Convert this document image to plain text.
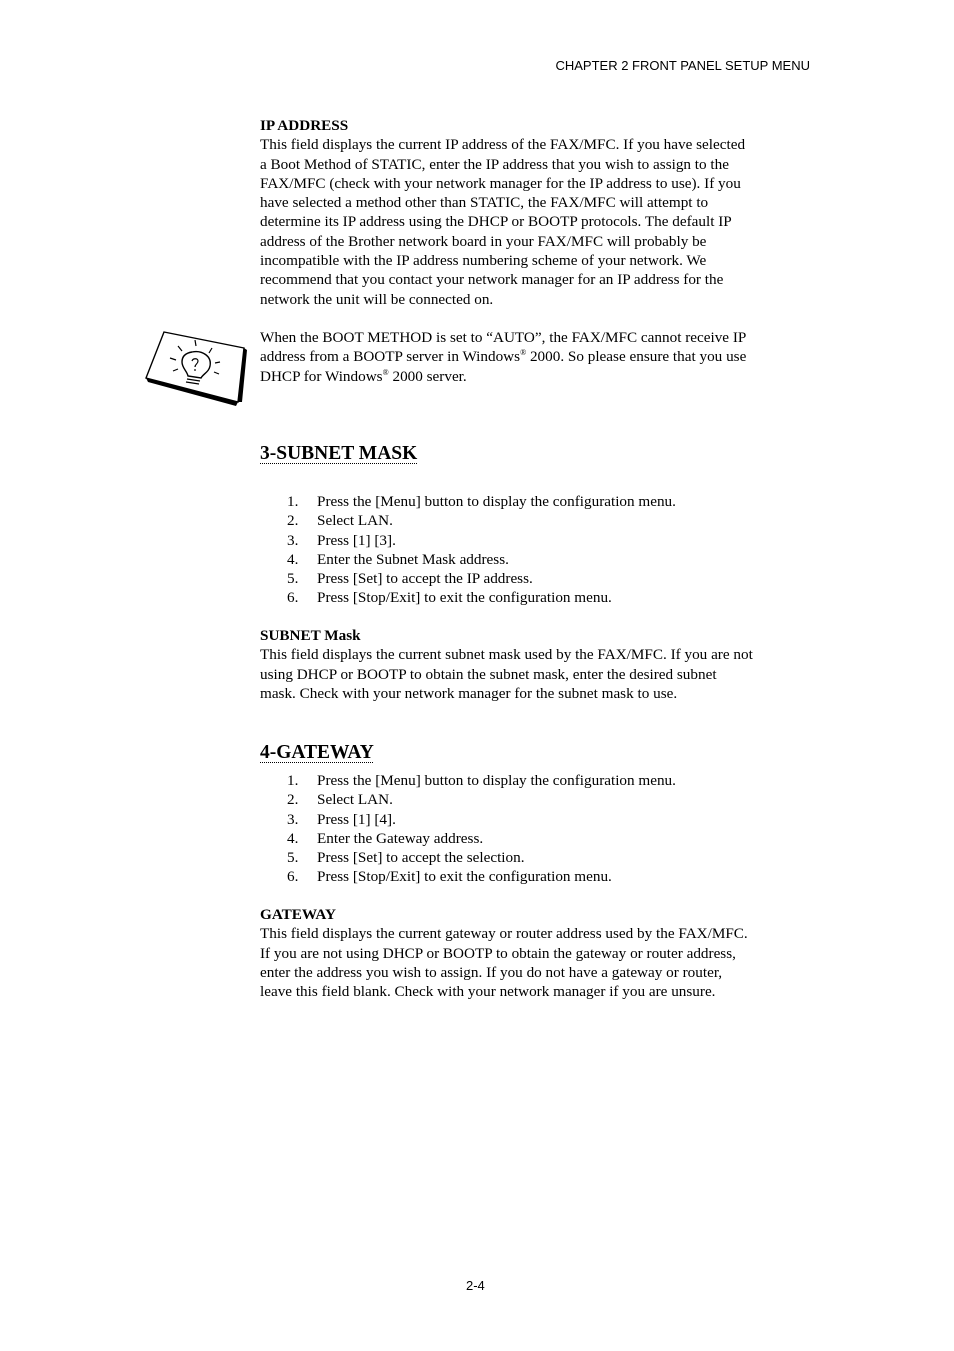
CHAPTER 2 FRONT PANEL SETUP MENU
IP ADDRESS

This field displays the current IP address of the FAX/MFC. If you have selected

a Boot Method of STATIC, enter the IP address that you wish to assign to the

FAX/MFC (check with your network manager for the IP address to use). If you

have selected a method other than STATIC, the FAX/MFC will attempt to

determine its IP address using the DHCP or BOOTP protocols. The default IP

address of the Brother network board in your FAX/MFC will probably be

incompatible with the IP address numbering scheme of your network. We

recommend that you contact your network manager for an IP address for the

network the unit will be connected on.

When the BOOT METHOD is set to “AUTO”, the FAX/MFC cannot receive IP

address from a BOOTP server in Windows® 2000. So please ensure that you use

DHCP for Windows® 2000 server.

3-SUBNET MASK
1. Press the [Menu] button to display the configuration menu.
2. Select LAN.
3. Press [1] [3].
4. Enter the Subnet Mask address.
5. Press [Set] to accept the IP address.
6. Press [Stop/Exit] to exit the configuration menu.
SUBNET Mask

This field displays the current subnet mask used by the FAX/MFC. If you are not

using DHCP or BOOTP to obtain the subnet mask, enter the desired subnet

mask. Check with your network manager for the subnet mask to use.

4-GATEWAY
1. Press the [Menu] button to display the configuration menu.
2. Select LAN.
3. Press [1] [4].
4. Enter the Gateway address.
5. Press [Set] to accept the selection.
6. Press [Stop/Exit] to exit the configuration menu.
GATEWAY

This field displays the current gateway or router address used by the FAX/MFC.

If you are not using DHCP or BOOTP to obtain the gateway or router address,

enter the address you wish to assign. If you do not have a gateway or router,

leave this field blank. Check with your network manager if you are unsure.

2-4
